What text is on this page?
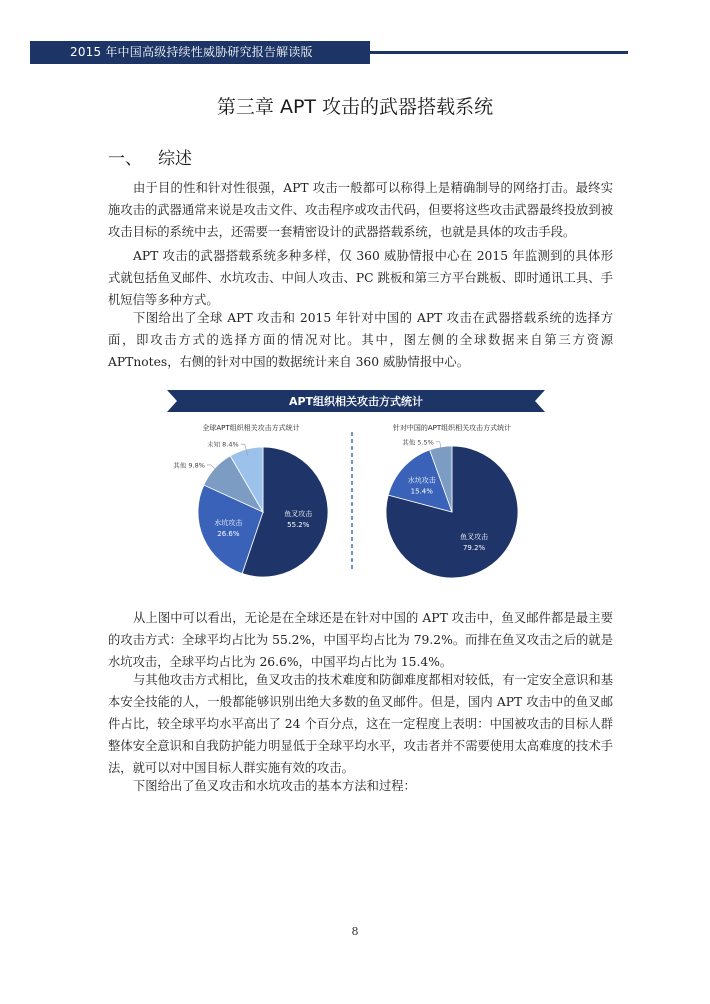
2015 年中国高级持续性威胁研究报告解读版
第三章 APT 攻击的武器搭载系统
一、 综述

由于目的性和针对性很强，APT 攻击一般都可以称得上是精确制导的网络打击。最终实施攻击的武器通常来说是攻击文件、攻击程序或攻击代码，但要将这些攻击武器最终投放到被攻击目标的系统中去，还需要一套精密设计的武器搭载系统，也就是具体的攻击手段。

APT 攻击的武器搭载系统多种多样，仅 360 威胁情报中心在 2015 年监测到的具体形式就包括鱼叉邮件、水坑攻击、中间人攻击、PC 跳板和第三方平台跳板、即时通讯工具、手机短信等多种方式。

下图给出了全球 APT 攻击和 2015 年针对中国的 APT 攻击在武器搭载系统的选择方面，即攻击方式的选择方面的情况对比。其中，图左侧的全球数据来自第三方资源 APTnotes，右侧的针对中国的数据统计来自 360 威胁情报中心。

APT组织相关攻击方式统计
全球APT组织相关攻击方式统计	针对中国的APT组织相关攻击方式统计
鱼叉攻击
55.2%
水坑攻击
26.6%
其他 9.8%
未知 8.4%
鱼叉攻击
79.2%
水坑攻击
15.4%
其他 5.5%

从上图中可以看出，无论是在全球还是在针对中国的 APT 攻击中，鱼叉邮件都是最主要的攻击方式：全球平均占比为 55.2%，中国平均占比为 79.2%。而排在鱼叉攻击之后的就是水坑攻击，全球平均占比为 26.6%，中国平均占比为 15.4%。

与其他攻击方式相比，鱼叉攻击的技术难度和防御难度都相对较低，有一定安全意识和基本安全技能的人，一般都能够识别出绝大多数的鱼叉邮件。但是，国内 APT 攻击中的鱼叉邮件占比，较全球平均水平高出了 24 个百分点，这在一定程度上表明：中国被攻击的目标人群整体安全意识和自我防护能力明显低于全球平均水平，攻击者并不需要使用太高难度的技术手法，就可以对中国目标人群实施有效的攻击。

下图给出了鱼叉攻击和水坑攻击的基本方法和过程：

8
